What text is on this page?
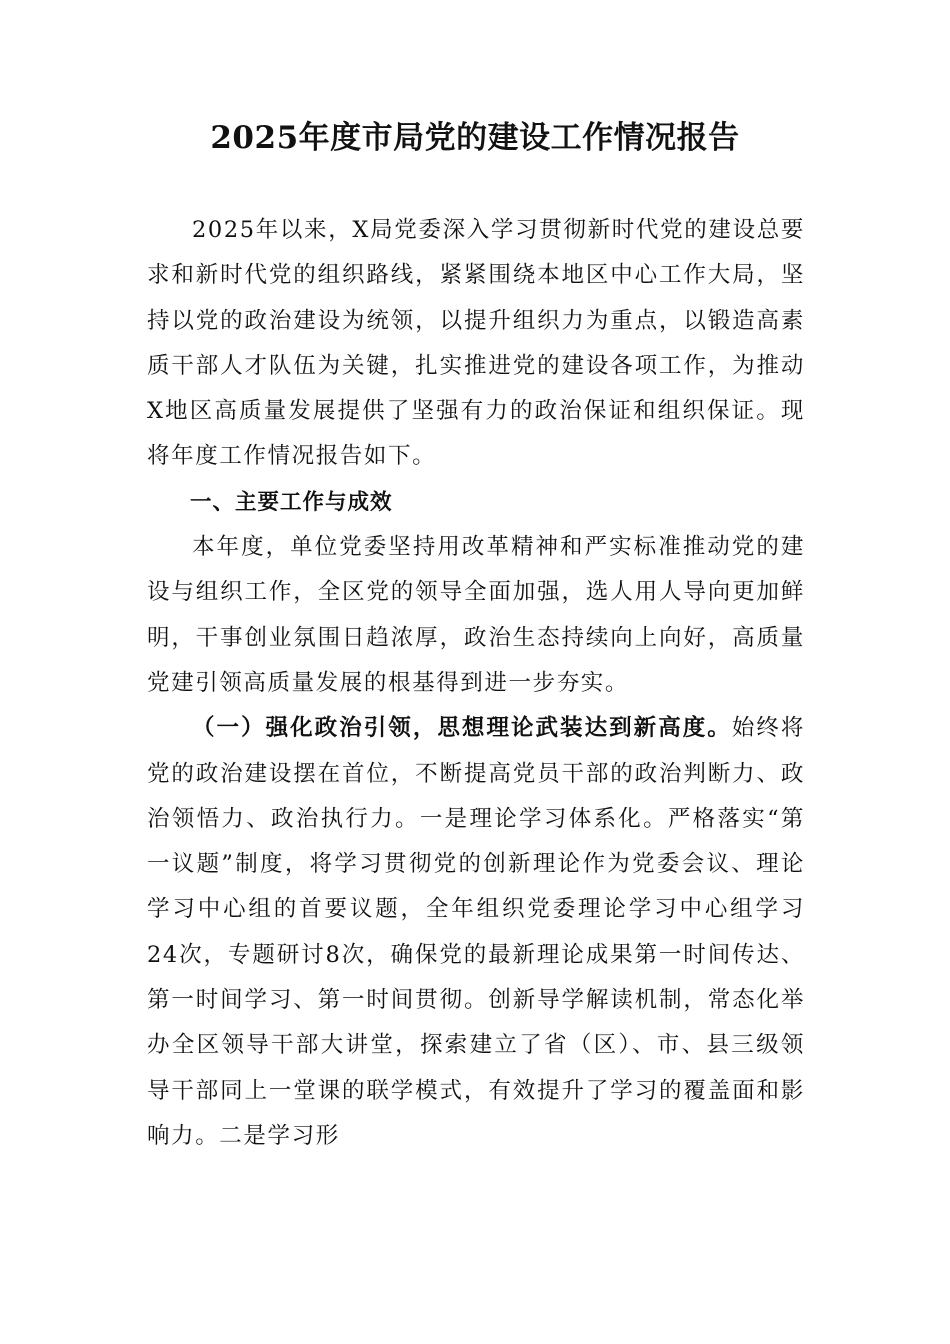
2025年度市局党的建设工作情况报告

2025年以来，X局党委深入学习贯彻新时代党的建设总要求和新时代党的组织路线，紧紧围绕本地区中心工作大局，坚持以党的政治建设为统领，以提升组织力为重点，以锻造高素质干部人才队伍为关键，扎实推进党的建设各项工作，为推动X地区高质量发展提供了坚强有力的政治保证和组织保证。现将年度工作情况报告如下。

一、主要工作与成效

本年度，单位党委坚持用改革精神和严实标准推动党的建设与组织工作，全区党的领导全面加强，选人用人导向更加鲜明，干事创业氛围日趋浓厚，政治生态持续向上向好，高质量党建引领高质量发展的根基得到进一步夯实。

（一）强化政治引领，思想理论武装达到新高度。始终将党的政治建设摆在首位，不断提高党员干部的政治判断力、政治领悟力、政治执行力。一是理论学习体系化。严格落实“第一议题”制度，将学习贯彻党的创新理论作为党委会议、理论学习中心组的首要议题，全年组织党委理论学习中心组学习24次，专题研讨8次，确保党的最新理论成果第一时间传达、第一时间学习、第一时间贯彻。创新导学解读机制，常态化举办全区领导干部大讲堂，探索建立了省（区）、市、县三级领导干部同上一堂课的联学模式，有效提升了学习的覆盖面和影响力。二是学习形
